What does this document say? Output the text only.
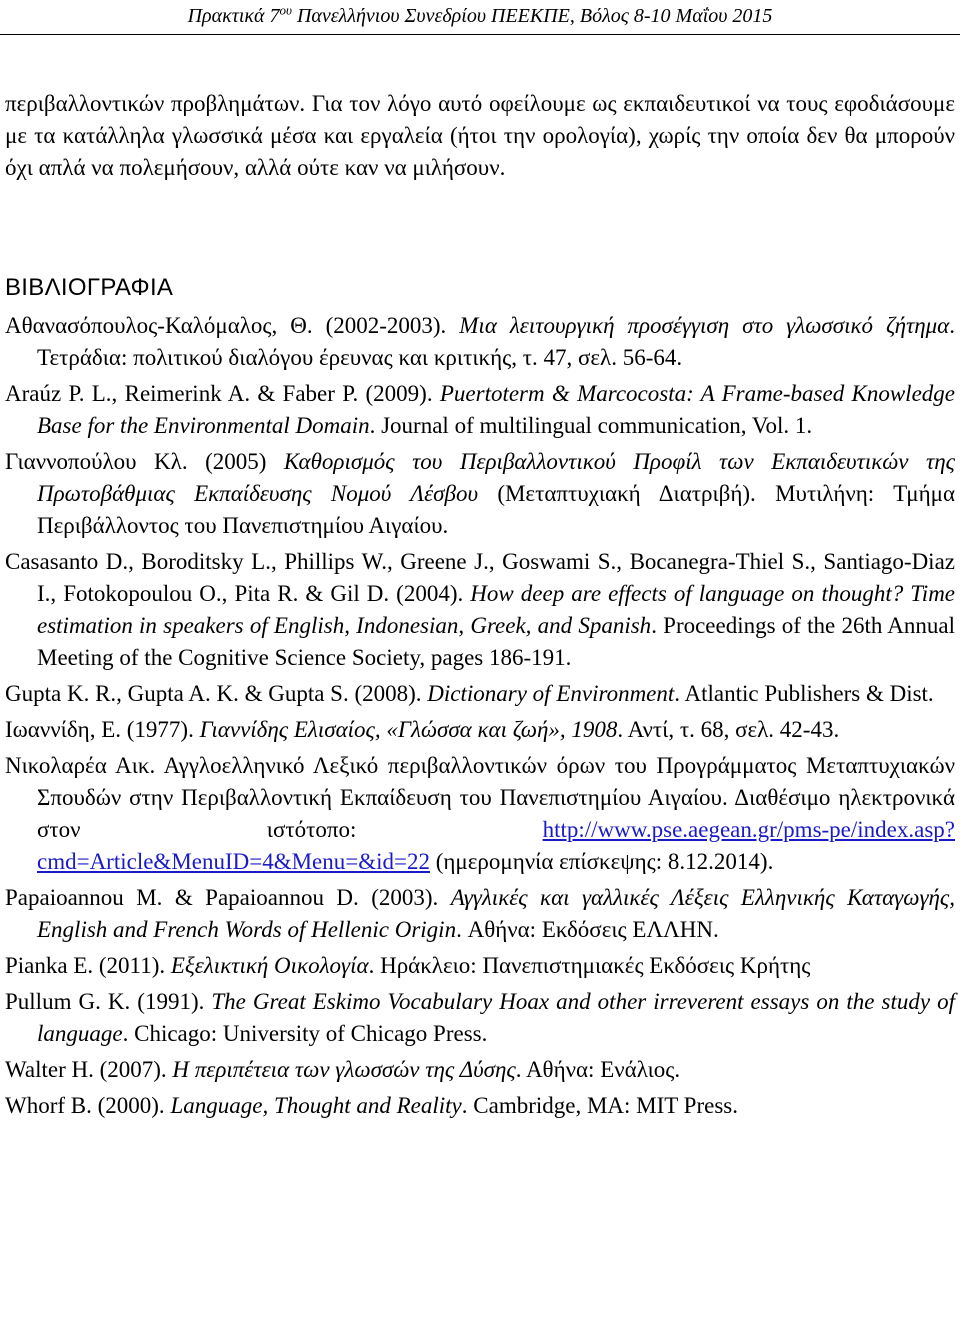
Πρακτικά $7^{o\upsilon}$ Πανελλήνιου Συνεδρίου ΠΕΕΚΠΕ, Βόλος 8-10 Μαΐου 2015

περιβαλλοντικών προβλημάτων. Για τον λόγο αυτό οφείλουμε ως εκπαιδευτικοί να τους εφοδιάσουμε με τα κατάλληλα γλωσσικά μέσα και εργαλεία (ήτοι την ορολογία), χωρίς την οποία δεν θα μπορούν όχι απλά να πολεμήσουν, αλλά ούτε καν να μιλήσουν.

ΒΙΒΛΙΟΓΡΑΦΙΑ

Αθανασόπουλος-Καλόμαλος, Θ. (2002-2003). Μια λειτουργική προσέγγιση στο γλωσσικό ζήτημα. Τετράδια: πολιτικού διαλόγου έρευνας και κριτικής, τ. 47, σελ. 56-64.

Araúz P. L., Reimerink A. & Faber P. (2009). Puertoterm & Marcocosta: A Frame-based Knowledge Base for the Environmental Domain. Journal of multilingual communication, Vol. 1.

Γιαννοπούλου Κλ. (2005) Καθορισμός του Περιβαλλοντικού Προφίλ των Εκπαιδευτικών της Πρωτοβάθμιας Εκπαίδευσης Νομού Λέσβου (Μεταπτυχιακή Διατριβή). Μυτιλήνη: Τμήμα Περιβάλλοντος του Πανεπιστημίου Αιγαίου.

Casasanto D., Boroditsky L., Phillips W., Greene J., Goswami S., Bocanegra-Thiel S., Santiago-Diaz I., Fotokopoulou O., Pita R. & Gil D. (2004). How deep are effects of language on thought? Time estimation in speakers of English, Indonesian, Greek, and Spanish. Proceedings of the 26th Annual Meeting of the Cognitive Science Society, pages 186-191.

Gupta K. R., Gupta A. K. & Gupta S. (2008). Dictionary of Environment. Atlantic Publishers & Dist.

Ιωαννίδη, Ε. (1977). Γιαννίδης Ελισαίος, «Γλώσσα και ζωή», 1908. Αντί, τ. 68, σελ. 42-43.

Νικολαρέα Αικ. Αγγλοελληνικό Λεξικό περιβαλλοντικών όρων του Προγράμματος Μεταπτυχιακών Σπουδών στην Περιβαλλοντική Εκπαίδευση του Πανεπιστημίου Αιγαίου. Διαθέσιμο ηλεκτρονικά στον ιστότοπο: http://www.pse.aegean.gr/pms-pe/index.asp?cmd=Article&MenuID=4&Menu=&id=22 (ημερομηνία επίσκεψης: 8.12.2014).

Papaioannou M. & Papaioannou D. (2003). Αγγλικές και γαλλικές Λέξεις Ελληνικής Καταγωγής, English and French Words of Hellenic Origin. Αθήνα: Εκδόσεις ΕΛΛΗΝ.

Pianka E. (2011). Εξελικτική Οικολογία. Ηράκλειο: Πανεπιστημιακές Εκδόσεις Κρήτης

Pullum G. K. (1991). The Great Eskimo Vocabulary Hoax and other irreverent essays on the study of language. Chicago: University of Chicago Press.

Walter H. (2007). Η περιπέτεια των γλωσσών της Δύσης. Αθήνα: Ενάλιος.

Whorf B. (2000). Language, Thought and Reality. Cambridge, MA: MIT Press.
